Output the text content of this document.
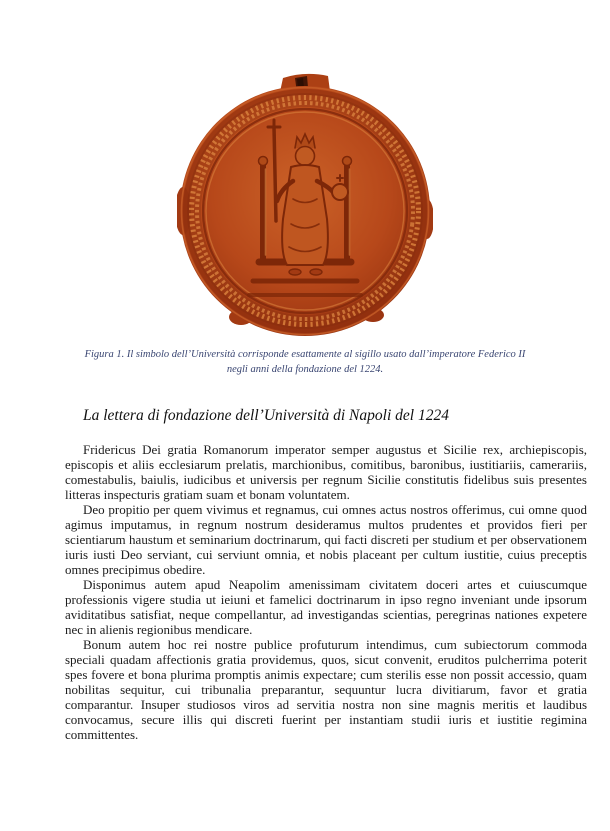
Figura 1. Il simbolo dell’Università corrisponde esattamente al sigillo usato dall’imperatore Federico II negli anni della fondazione del 1224.
La lettera di fondazione dell’Università di Napoli del 1224

Fridericus Dei gratia Romanorum imperator semper augustus et Sicilie rex, archiepiscopis, episcopis et aliis ecclesiarum prelatis, marchionibus, comitibus, baronibus, iustitiariis, camerariis, comestabulis, baiulis, iudicibus et universis per regnum Sicilie constitutis fidelibus suis presentes litteras inspecturis gratiam suam et bonam voluntatem.

Deo propitio per quem vivimus et regnamus, cui omnes actus nostros offerimus, cui omne quod agimus imputamus, in regnum nostrum desideramus multos prudentes et providos fieri per scientiarum haustum et seminarium doctrinarum, qui facti discreti per studium et per observationem iuris iusti Deo serviant, cui serviunt omnia, et nobis placeant per cultum iustitie, cuius preceptis omnes precipimus obedire.

Disponimus autem apud Neapolim amenissimam civitatem doceri artes et cuiuscumque professionis vigere studia ut ieiuni et famelici doctrinarum in ipso regno inveniant unde ipsorum aviditatibus satisfiat, neque compellantur, ad investigandas scientias, peregrinas nationes expetere nec in alienis regionibus mendicare.

Bonum autem hoc rei nostre publice profuturum intendimus, cum subiectorum commoda speciali quadam affectionis gratia providemus, quos, sicut convenit, eruditos pulcherrima poterit spes fovere et bona plurima promptis animis expectare; cum sterilis esse non possit accessio, quam nobilitas sequitur, cui tribunalia preparantur, sequuntur lucra divitiarum, favor et gratia comparantur. Insuper studiosos viros ad servitia nostra non sine magnis meritis et laudibus convocamus, secure illis qui discreti fuerint per instantiam studii iuris et iustitie regimina committentes.
